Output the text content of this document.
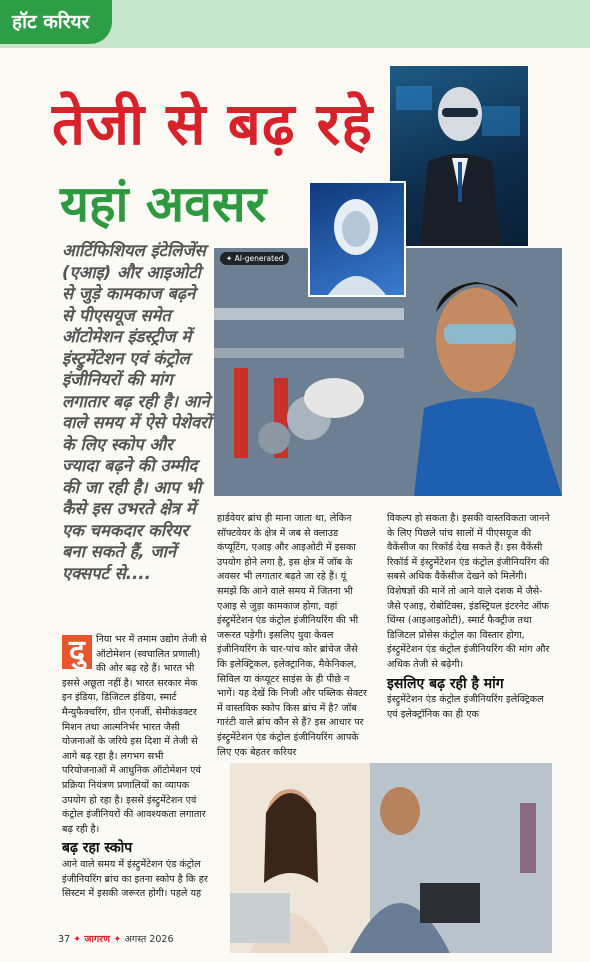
हॉट करियर
तेजी से बढ़ रहे
यहां अवसर
✦ AI-generated
आर्टिफिशियल इंटेलिजेंस (एआइ) और आइओटी से जुड़े कामकाज बढ़ने से पीएसयूज समेत ऑटोमेशन इंडस्ट्रीज में इंस्ट्रुमेंटेशन एवं कंट्रोल इंजीनियरों की मांग लगातार बढ़ रही है। आने वाले समय में ऐसे पेशेवरों के लिए स्कोप और ज्यादा बढ़ने की उम्मीद की जा रही है। आप भी कैसे इस उभरते क्षेत्र में एक चमकदार करियर बना सकते हैं, जानें एक्सपर्ट से....
दु	निया भर में तमाम उद्योग तेजी से ऑटोमेशन (स्वचालित प्रणाली) की ओर बढ़ रहे हैं। भारत भी इससे अछूता नहीं है। भारत सरकार मेक इन इंडिया, डिजिटल इंडिया, स्मार्ट मैन्युफैक्चरिंग, ग्रीन एनर्जी, सेमीकंडक्टर मिशन तथा आत्मनिर्भर भारत जैसी योजनाओं के जरिये इस दिशा में तेजी से आगे बढ़ रहा है। लगभग सभी परियोजनाओं में आधुनिक ऑटोमेशन एवं प्रक्रिया नियंत्रण प्रणालियों का व्यापक उपयोग हो रहा है। इससे इंस्ट्रुमेंटेशन एवं कंट्रोल इंजीनियरों की आवश्यकता लगातार बढ़ रही है।
बढ़ रहा स्कोप
आने वाले समय में इंस्ट्रुमेंटेशन एंड कंट्रोल इंजीनियरिंग ब्रांच का इतना स्कोप है कि हर सिस्टम में इसकी जरूरत होगी। पहले यह
हार्डवेयर ब्रांच ही माना जाता था, लेकिन सॉफ्टवेयर के क्षेत्र में जब से क्लाउड कंप्यूटिंग, एआइ और आइओटी में इसका उपयोग होने लगा है, इस क्षेत्र में जॉब के अवसर भी लगातार बढ़ते जा रहे हैं। यूं समझें कि आने वाले समय में जितना भी एआइ से जुड़ा कामकाज होगा, वहां इंस्ट्रुमेंटेशन एंड कंट्रोल इंजीनियरिंग की भी जरूरत पड़ेगी। इसलिए युवा केवल इंजीनियरिंग के चार-पांच कोर ब्रांचेज जैसे कि इलेक्ट्रिकल, इलेक्ट्रानिक, मैकेनिकल, सिविल या कंप्यूटर साइंस के ही पीछे न भागें। यह देखें कि निजी और पब्लिक सेक्टर में वास्तविक स्कोप किस ब्रांच में है? जॉब गारंटी वाले ब्रांच कौन से हैं? इस आधार पर इंस्ट्रुमेंटेशन एंड कंट्रोल इंजीनियरिंग आपके लिए एक बेहतर करियर
विकल्प हो सकता है। इसकी वास्तविकता जानने के लिए पिछले पांच सालों में पीएसयूज की वैकेंसीज का रिकॉर्ड देख सकते हैं। इस वैकेंसी रिकॉर्ड में इंस्ट्रुमेंटेशन एंड कंट्रोल इंजीनियरिंग की सबसे अधिक वैकेंसीज देखने को मिलेंगी। विशेषज्ञों की मानें तो आने वाले दशक में जैसे-जैसे एआइ, रोबोटिक्स, इंडस्ट्रियल इंटरनेट ऑफ थिंग्स (आइआइओटी), स्मार्ट फैक्ट्रीज तथा डिजिटल प्रोसेस कंट्रोल का विस्तार होगा, इंस्ट्रुमेंटेशन एंड कंट्रोल इंजीनियरिंग की मांग और अधिक तेजी से बढ़ेगी।
इसलिए बढ़ रही है मांग
इंस्ट्रुमेंटेशन एंड कंट्रोल इंजीनियरिंग इलेक्ट्रिकल एवं इलेक्ट्रॉनिक का ही एक
37 ✦ जागरण ✦ अगस्त 2026
